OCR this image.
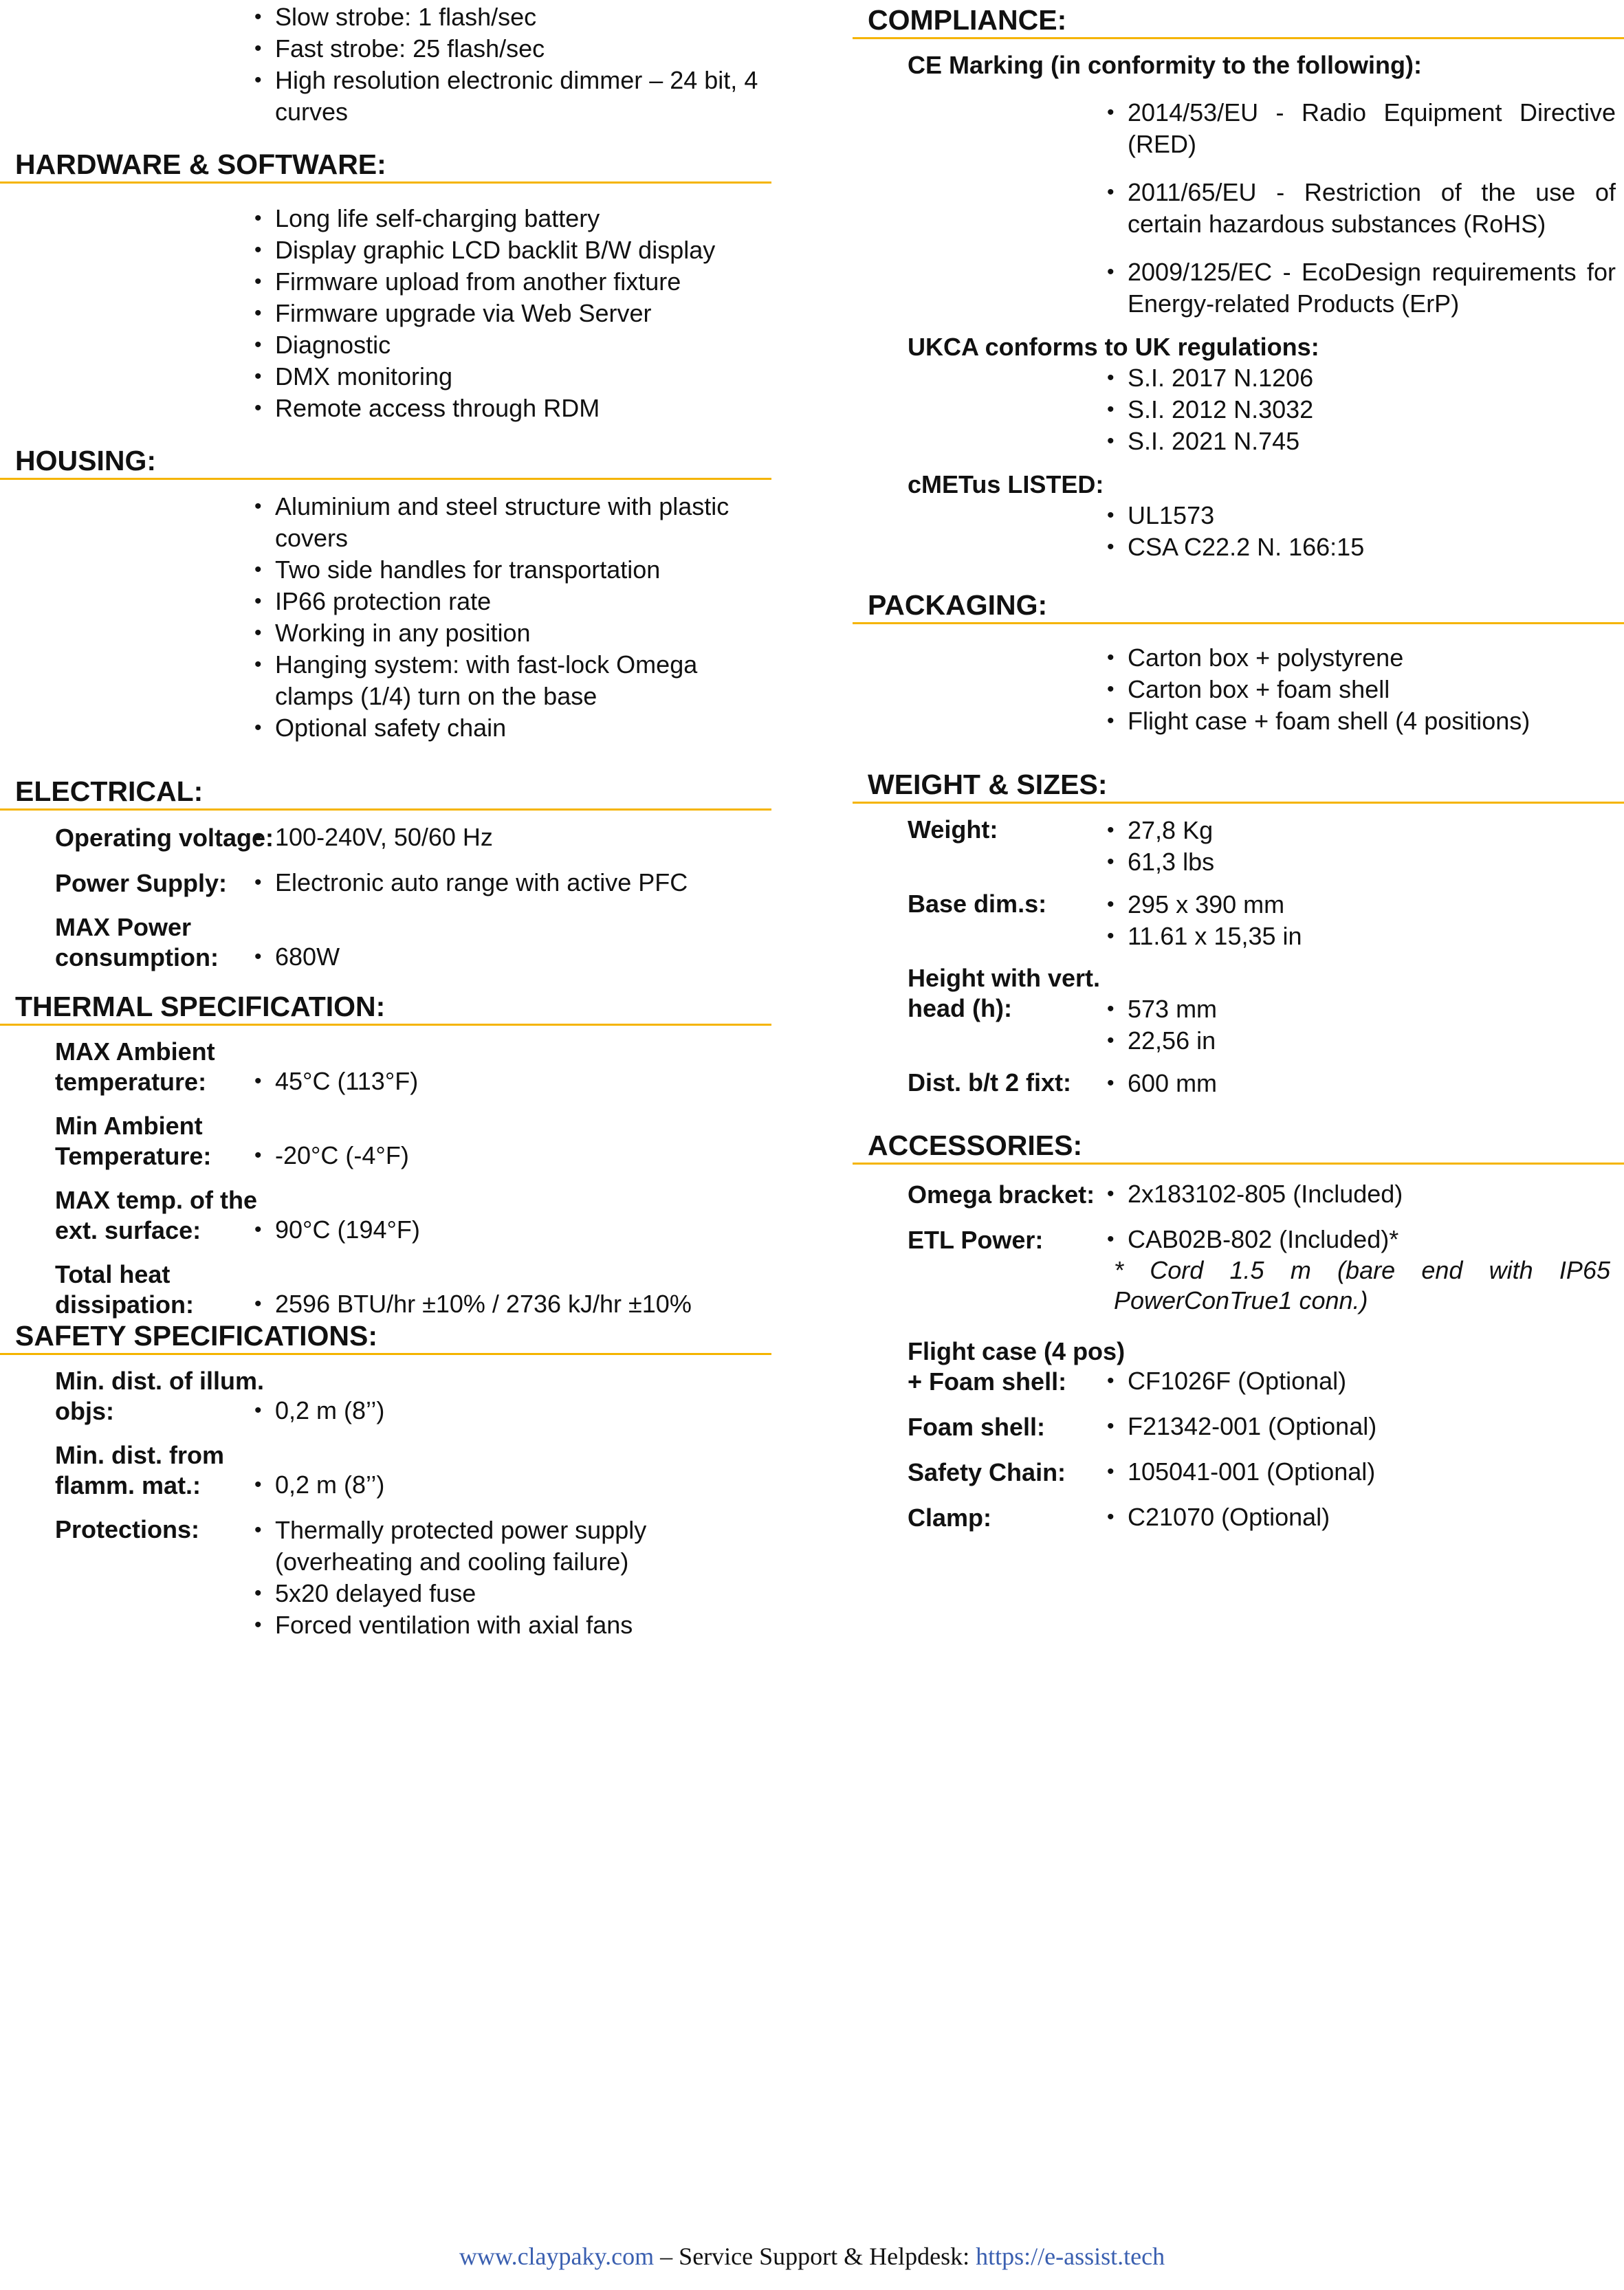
• Slow strobe: 1 flash/sec
• Fast strobe: 25 flash/sec
• High resolution electronic dimmer – 24 bit, 4 curves
HARDWARE & SOFTWARE:
• Long life self-charging battery
• Display graphic LCD backlit B/W display
• Firmware upload from another fixture
• Firmware upgrade via Web Server
• Diagnostic
• DMX monitoring
• Remote access through RDM
HOUSING:
• Aluminium and steel structure with plastic covers
• Two side handles for transportation
• IP66 protection rate
• Working in any position
• Hanging system: with fast-lock Omega clamps (1/4) turn on the base
• Optional safety chain
ELECTRICAL:
Operating voltage: • 100-240V, 50/60 Hz
Power Supply:	• Electronic auto range with active PFC
MAX Power consumption:	• 680W
THERMAL SPECIFICATION:
MAX Ambient temperature:	• 45°C (113°F)
Min Ambient Temperature:	• -20°C (-4°F)
MAX temp. of the ext. surface:	• 90°C (194°F)
Total heat dissipation:	• 2596 BTU/hr ±10% / 2736 kJ/hr ±10%
SAFETY SPECIFICATIONS:
Min. dist. of illum. objs:	• 0,2 m (8’’)
Min. dist. from flamm. mat.:	• 0,2 m (8’’)
Protections:	• Thermally protected power supply (overheating and cooling failure)
• 5x20 delayed fuse
• Forced ventilation with axial fans
COMPLIANCE:
CE Marking (in conformity to the following):
• 2014/53/EU - Radio Equipment Directive (RED)
• 2011/65/EU - Restriction of the use of certain hazardous substances (RoHS)
• 2009/125/EC - EcoDesign requirements for Energy-related Products (ErP)
UKCA conforms to UK regulations:
• S.I. 2017 N.1206
• S.I. 2012 N.3032
• S.I. 2021 N.745
cMETus LISTED:
• UL1573
• CSA C22.2 N. 166:15
PACKAGING:
• Carton box + polystyrene
• Carton box + foam shell
• Flight case + foam shell (4 positions)
WEIGHT & SIZES:
Weight:	• 27,8 Kg
• 61,3 lbs
Base dim.s:	• 295 x 390 mm
• 11.61 x 15,35 in
Height with vert. head (h):	• 573 mm
• 22,56 in
Dist. b/t 2 fixt:	• 600 mm
ACCESSORIES:
Omega bracket:	• 2x183102-805 (Included)
ETL Power:	• CAB02B-802 (Included)*
* Cord 1.5 m (bare end with IP65 PowerConTrue1 conn.)
Flight case (4 pos) + Foam shell:	• CF1026F (Optional)
Foam shell:	• F21342-001 (Optional)
Safety Chain:	• 105041-001 (Optional)
Clamp:	• C21070 (Optional)
www.claypaky.com – Service Support & Helpdesk: https://e-assist.tech
